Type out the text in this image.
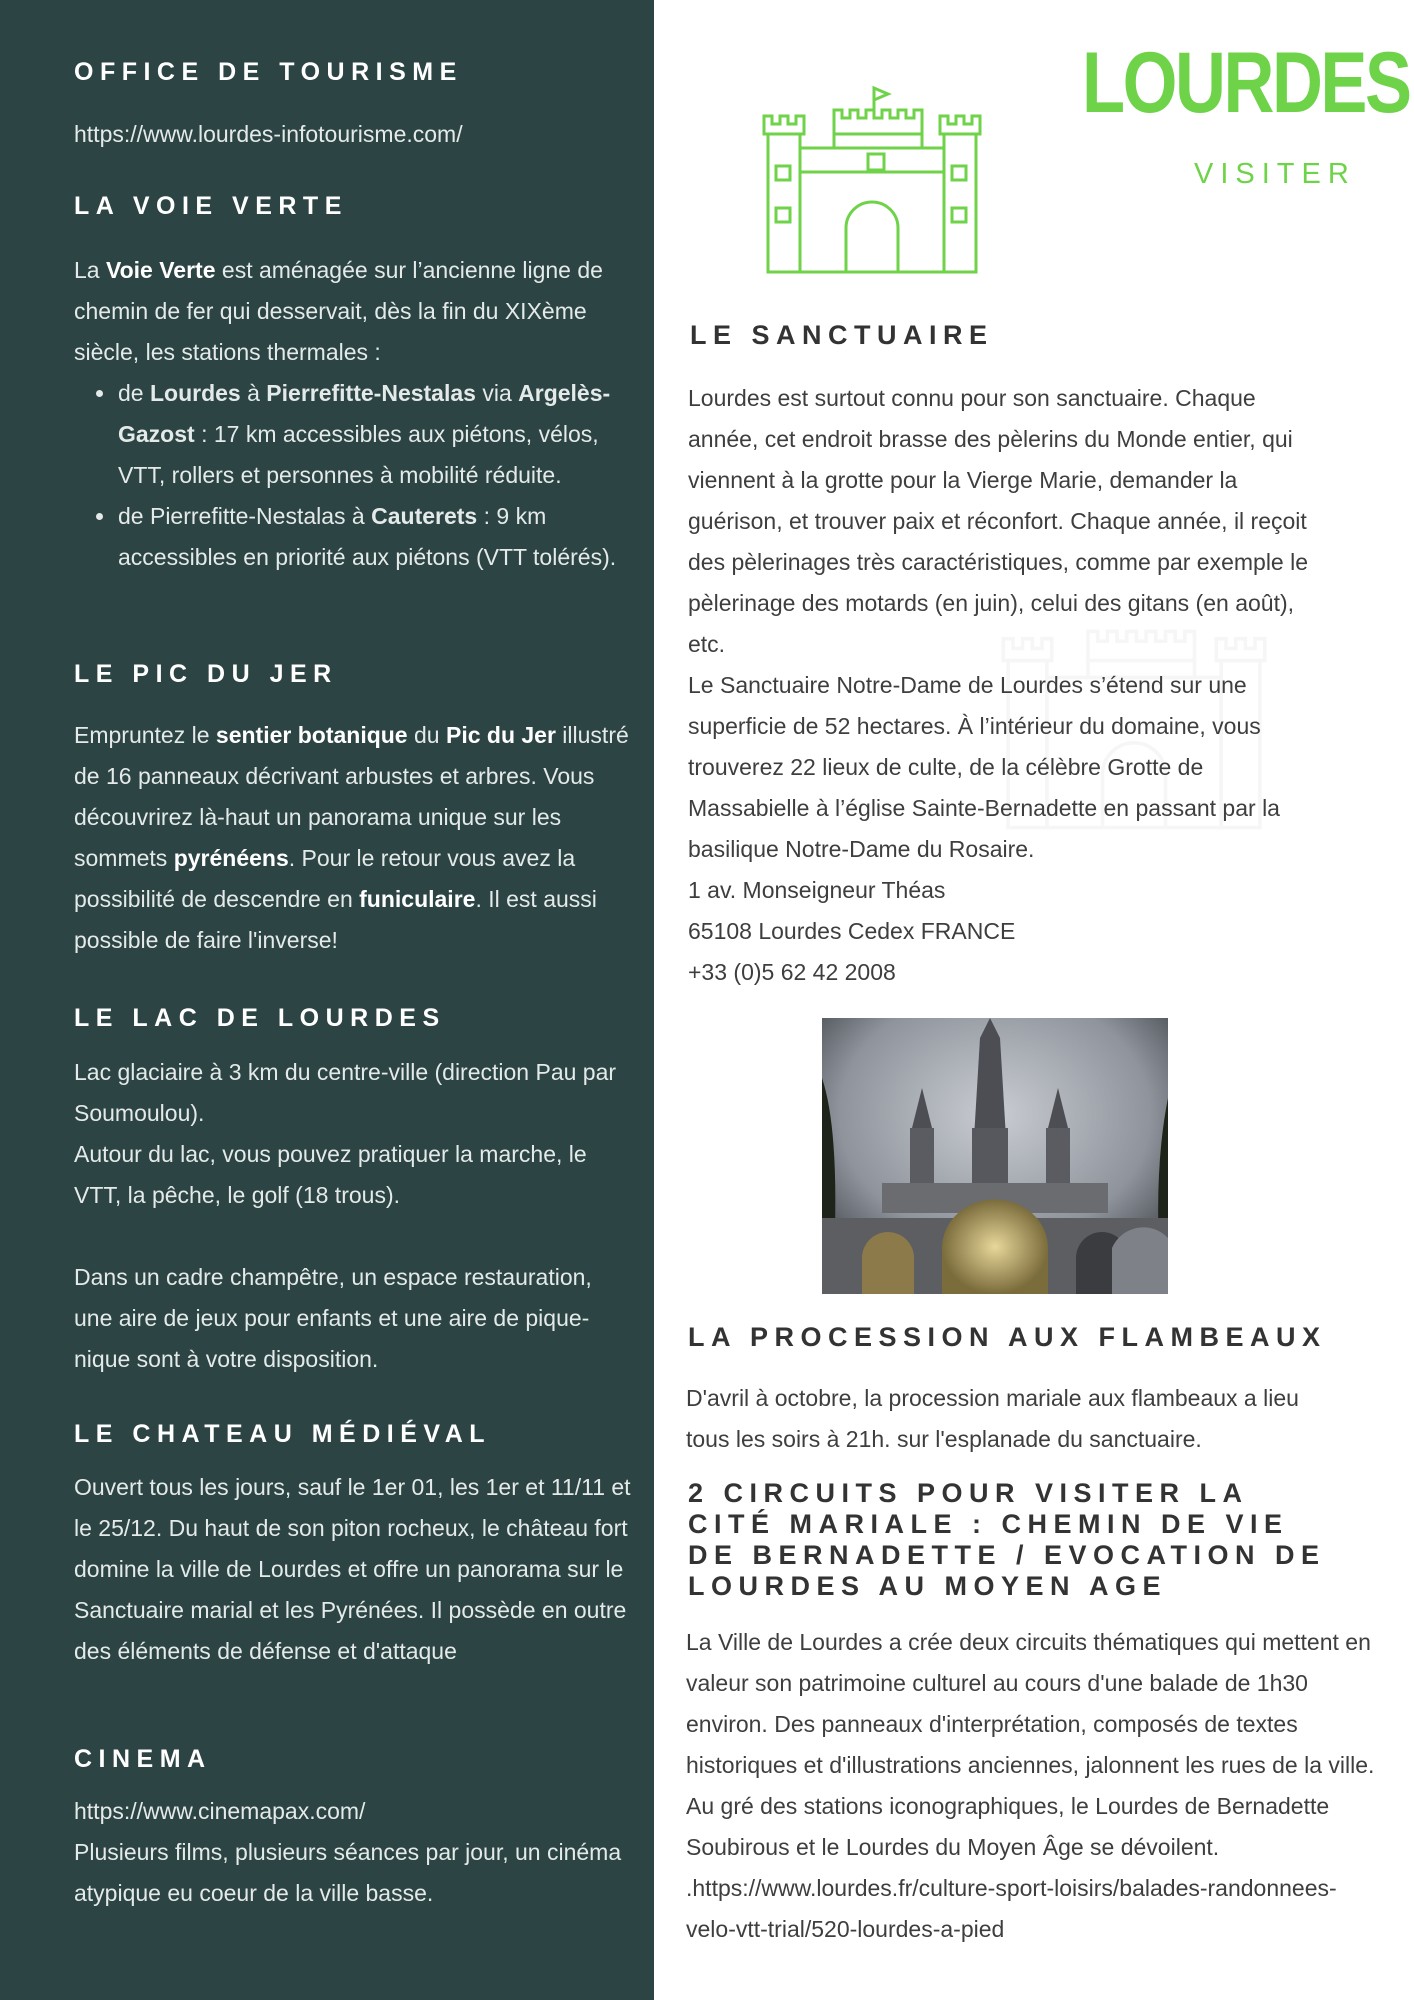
OFFICE DE TOURISME

https://www.lourdes-infotourisme.com/

LA VOIE VERTE

La Voie Verte est aménagée sur l’ancienne ligne de chemin de fer qui desservait, dès la fin du XIXème siècle, les stations thermales :

de Lourdes à Pierrefitte-Nestalas via Argelès-Gazost : 17 km accessibles aux piétons, vélos, VTT, rollers et personnes à mobilité réduite.
de Pierrefitte-Nestalas à Cauterets : 9 km accessibles en priorité aux piétons (VTT tolérés).
LE PIC DU JER

Empruntez le sentier botanique du Pic du Jer illustré de 16 panneaux décrivant arbustes et arbres. Vous découvrirez là-haut un panorama unique sur les sommets pyrénéens. Pour le retour vous avez la possibilité de descendre en funiculaire. Il est aussi possible de faire l'inverse!

LE LAC DE LOURDES

Lac glaciaire à 3 km du centre-ville (direction Pau par Soumoulou).
Autour du lac, vous pouvez pratiquer la marche, le VTT, la pêche, le golf (18 trous).
Dans un cadre champêtre, un espace restauration, une aire de jeux pour enfants et une aire de pique-nique sont à votre disposition.

LE CHATEAU MÉDIÉVAL

Ouvert tous les jours, sauf le 1er 01, les 1er et 11/11 et le 25/12. Du haut de son piton rocheux, le château fort domine la ville de Lourdes et offre un panorama sur le Sanctuaire marial et les Pyrénées. Il possède en outre des éléments de défense et d'attaque

CINEMA

https://www.cinemapax.com/
Plusieurs films, plusieurs séances par jour, un cinéma atypique eu coeur de la ville basse.

LOURDES
VISITER
LE SANCTUAIRE

Lourdes est surtout connu pour son sanctuaire. Chaque année, cet endroit brasse des pèlerins du Monde entier, qui viennent à la grotte pour la Vierge Marie, demander la guérison, et trouver paix et réconfort. Chaque année, il reçoit des pèlerinages très caractéristiques, comme par exemple le pèlerinage des motards (en juin), celui des gitans (en août), etc.
Le Sanctuaire Notre-Dame de Lourdes s’étend sur une superficie de 52 hectares. À l’intérieur du domaine, vous trouverez 22 lieux de culte, de la célèbre Grotte de Massabielle à l’église Sainte-Bernadette en passant par la basilique Notre-Dame du Rosaire.
1 av. Monseigneur Théas
65108 Lourdes Cedex FRANCE
+33 (0)5 62 42 2008

LA PROCESSION AUX FLAMBEAUX

D'avril à octobre, la procession mariale aux flambeaux a lieu tous les soirs à 21h. sur l'esplanade du sanctuaire.

2 CIRCUITS POUR VISITER LA CITÉ MARIALE : CHEMIN DE VIE DE BERNADETTE / EVOCATION DE LOURDES AU MOYEN AGE

La Ville de Lourdes a crée deux circuits thématiques qui mettent en valeur son patrimoine culturel au cours d'une balade de 1h30 environ. Des panneaux d'interprétation, composés de textes historiques et d'illustrations anciennes, jalonnent les rues de la ville. Au gré des stations iconographiques, le Lourdes de Bernadette Soubirous et le Lourdes du Moyen Âge se dévoilent.
.https://www.lourdes.fr/culture-sport-loisirs/balades-randonnees-velo-vtt-trial/520-lourdes-a-pied
